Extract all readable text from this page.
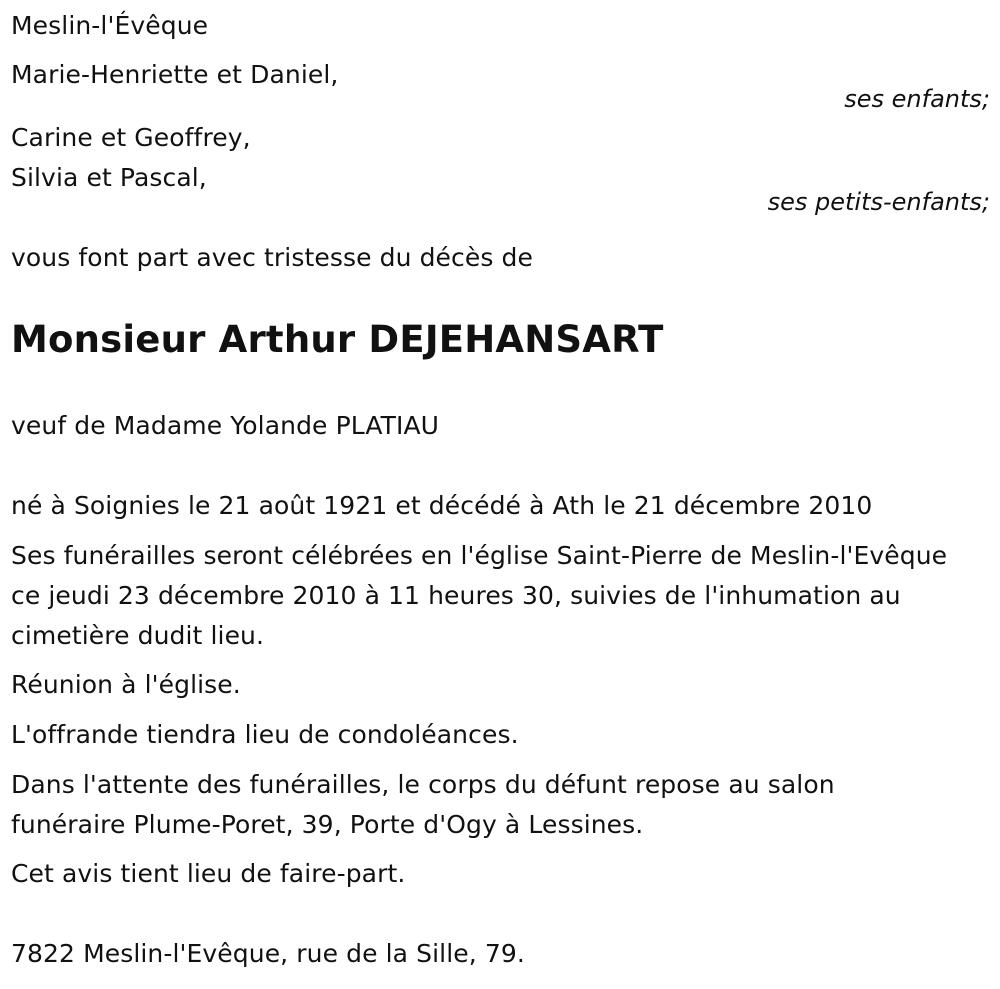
Meslin-l'Évêque
Marie-Henriette et Daniel,
ses enfants;
Carine et Geoffrey,
Silvia et Pascal,
ses petits-enfants;
vous font part avec tristesse du décès de
Monsieur Arthur DEJEHANSART
veuf de Madame Yolande PLATIAU
né à Soignies le 21 août 1921 et décédé à Ath le 21 décembre 2010
Ses funérailles seront célébrées en l'église Saint-Pierre de Meslin-l'Evêque
ce jeudi 23 décembre 2010 à 11 heures 30, suivies de l'inhumation au
cimetière dudit lieu.
Réunion à l'église.
L'offrande tiendra lieu de condoléances.
Dans l'attente des funérailles, le corps du défunt repose au salon
funéraire Plume-Poret, 39, Porte d'Ogy à Lessines.
Cet avis tient lieu de faire-part.
7822 Meslin-l'Evêque, rue de la Sille, 79.
